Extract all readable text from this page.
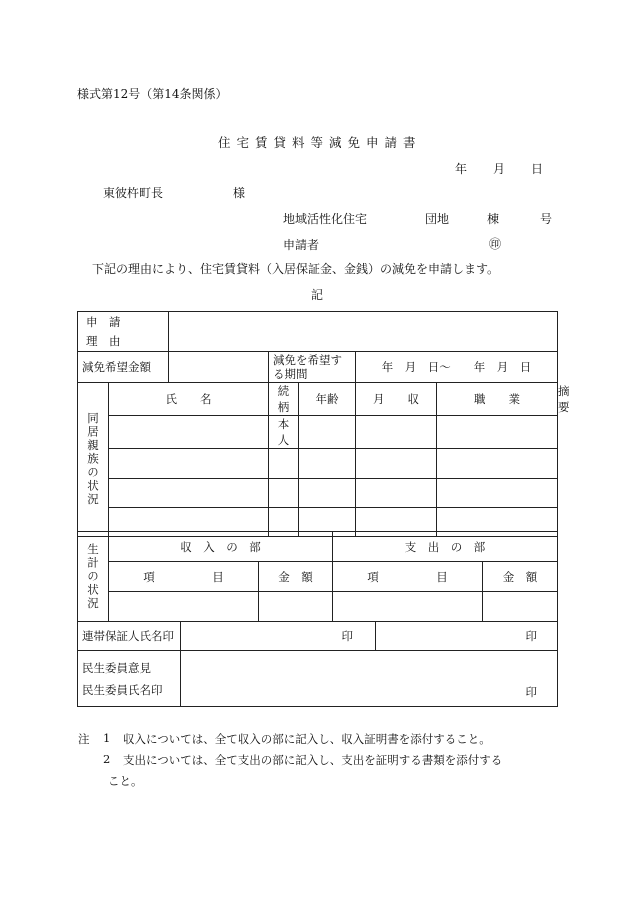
様式第12号（第14条関係）
住宅賃貸料等減免申請書
年 月 日
東彼杵町長	様
地域活性化住宅	団地	棟	号
申請者	㊞
下記の理由により、住宅賃貸料（入居保証金、金銭）の減免を申請します。
記
申　請
理　由							

減免希望金額			減免を希望する期間		年　月　日～　　年　月　日		

同居親族の状況	氏　　名		続　柄	年齢	月　　収	職　　業	摘　　要
			本　人				

生計の状況	収　入　の　部		支　出　の　部	
	項　　　　　目	金　額	項　　　　　目	金　額

連帯保証人氏名印	印	印
民生委員意見
民生委員氏名印	印
注 1 収入については、全て収入の部に記入し、収入証明書を添付すること。
2 支出については、全て支出の部に記入し、支出を証明する書類を添付する
こと。
